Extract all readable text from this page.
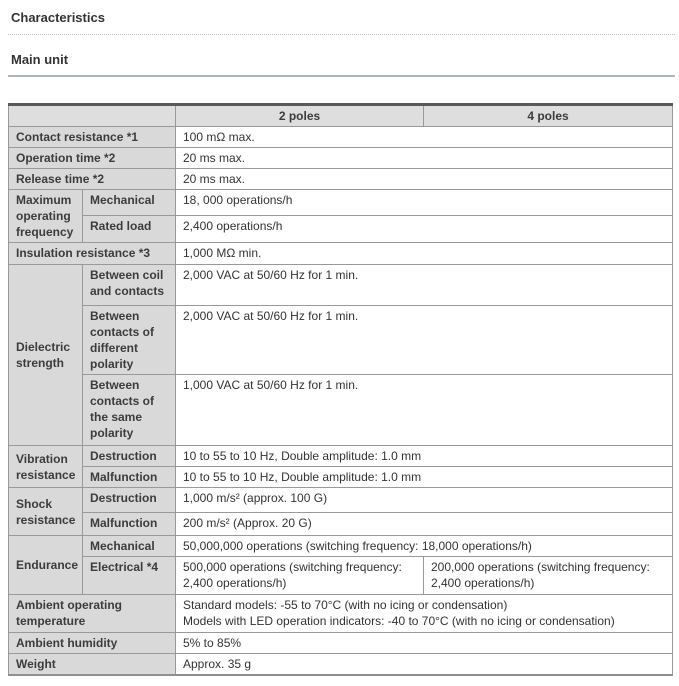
Characteristics
Main unit
		2 poles	4 poles
Contact resistance *1		100 mΩ max.	
Operation time *2		20 ms max.	
Release time *2		20 ms max.	
Maximum operating frequency	Mechanical	18, 000 operations/h	
	Rated load	2,400 operations/h	
Insulation resistance *3		1,000 MΩ min.	
Dielectric strength	Between coil and contacts	2,000 VAC at 50/60 Hz for 1 min.	
	Between contacts of different polarity	2,000 VAC at 50/60 Hz for 1 min.	
	Between contacts of the same polarity	1,000 VAC at 50/60 Hz for 1 min.	
Vibration resistance	Destruction	10 to 55 to 10 Hz, Double amplitude: 1.0 mm	
	Malfunction	10 to 55 to 10 Hz, Double amplitude: 1.0 mm	
Shock resistance	Destruction	1,000 m/s² (approx. 100 G)	
	Malfunction	200 m/s² (Approx. 20 G)	
Endurance	Mechanical	50,000,000 operations (switching frequency: 18,000 operations/h)	
	Electrical *4	500,000 operations (switching frequency: 2,400 operations/h)	200,000 operations (switching frequency: 2,400 operations/h)
Ambient operating temperature		Standard models: -55 to 70°C (with no icing or condensation)
Models with LED operation indicators: -40 to 70°C (with no icing or condensation)	

Ambient humidity		5% to 85%	
Weight		Approx. 35 g	
